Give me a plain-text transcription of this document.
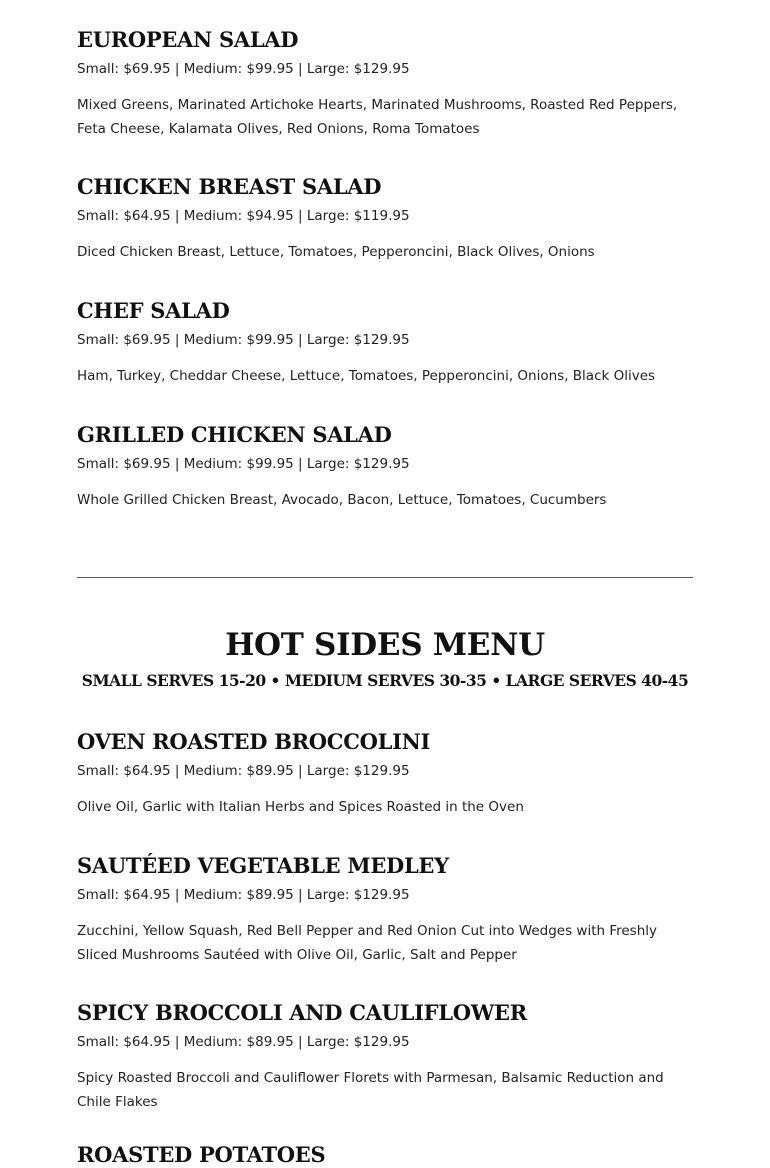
EUROPEAN SALAD

Small: $69.95 | Medium: $99.95 | Large: $129.95

Mixed Greens, Marinated Artichoke Hearts, Marinated Mushrooms, Roasted Red Peppers, Feta Cheese, Kalamata Olives, Red Onions, Roma Tomatoes

CHICKEN BREAST SALAD

Small: $64.95 | Medium: $94.95 | Large: $119.95

Diced Chicken Breast, Lettuce, Tomatoes, Pepperoncini, Black Olives, Onions

CHEF SALAD

Small: $69.95 | Medium: $99.95 | Large: $129.95

Ham, Turkey, Cheddar Cheese, Lettuce, Tomatoes, Pepperoncini, Onions, Black Olives

GRILLED CHICKEN SALAD

Small: $69.95 | Medium: $99.95 | Large: $129.95

Whole Grilled Chicken Breast, Avocado, Bacon, Lettuce, Tomatoes, Cucumbers

HOT SIDES MENU

SMALL SERVES 15-20 • MEDIUM SERVES 30-35 • LARGE SERVES 40-45

OVEN ROASTED BROCCOLINI

Small: $64.95 | Medium: $89.95 | Large: $129.95

Olive Oil, Garlic with Italian Herbs and Spices Roasted in the Oven

SAUTÉED VEGETABLE MEDLEY

Small: $64.95 | Medium: $89.95 | Large: $129.95

Zucchini, Yellow Squash, Red Bell Pepper and Red Onion Cut into Wedges with Freshly Sliced Mushrooms Sautéed with Olive Oil, Garlic, Salt and Pepper

SPICY BROCCOLI AND CAULIFLOWER

Small: $64.95 | Medium: $89.95 | Large: $129.95

Spicy Roasted Broccoli and Cauliflower Florets with Parmesan, Balsamic Reduction and Chile Flakes

ROASTED POTATOES
